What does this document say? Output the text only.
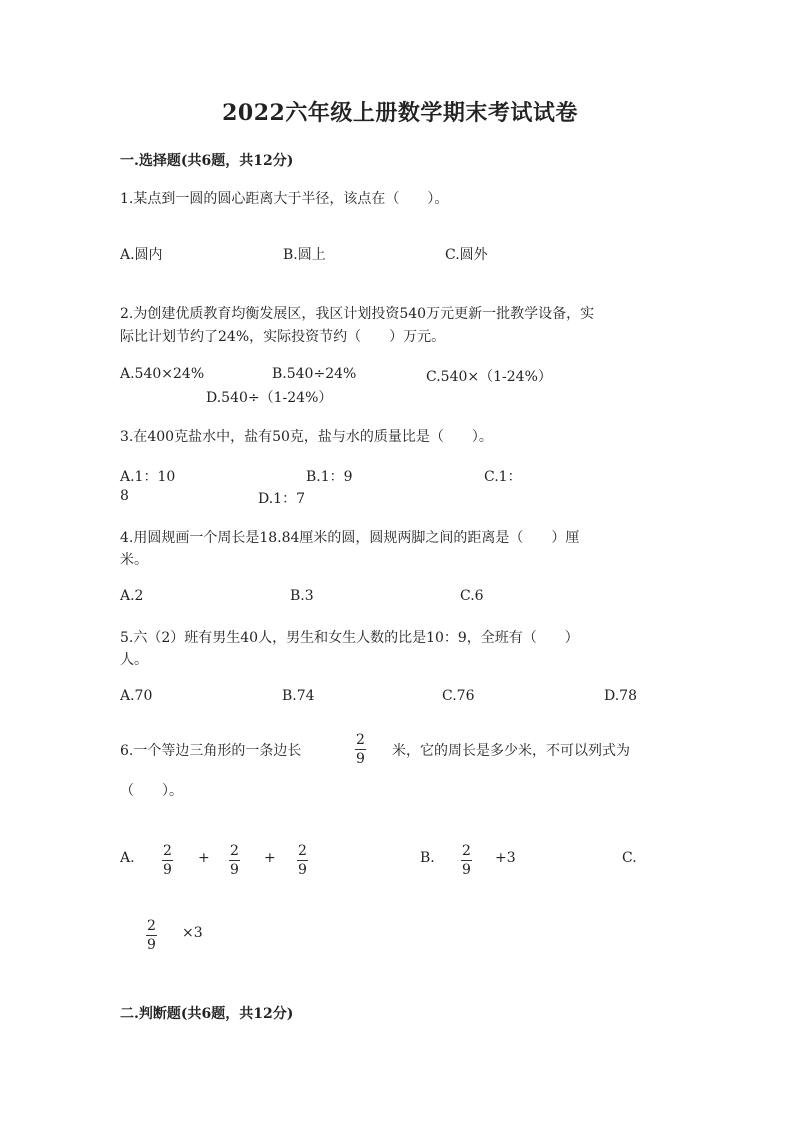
2022六年级上册数学期末考试试卷
一.选择题(共6题，共12分)
1.某点到一圆的圆心距离大于半径，该点在（　　）。
A.圆内	B.圆上	C.圆外
2.为创建优质教育均衡发展区，我区计划投资540万元更新一批教学设备，实
际比计划节约了24%，实际投资节约（　　）万元。
A.540×24%	B.540÷24%	C.540×（1-24%）
D.540÷（1-24%）
3.在400克盐水中，盐有50克，盐与水的质量比是（　　）。
A.1：10	B.1：9	C.1：
8	D.1：7
4.用圆规画一个周长是18.84厘米的圆，圆规两脚之间的距离是（　　）厘
米。
A.2	B.3	C.6
5.六（2）班有男生40人，男生和女生人数的比是10：9，全班有（　　）
人。
A.70	B.74	C.76	D.78
6.一个等边三角形的一条边长
2
9 米，它的周长是多少米，不可以列式为
（　　）。
A. 2
9
+ 2
9
+ 2
9
B. 2
9
+3	C.
2
9
×3
二.判断题(共6题，共12分)
